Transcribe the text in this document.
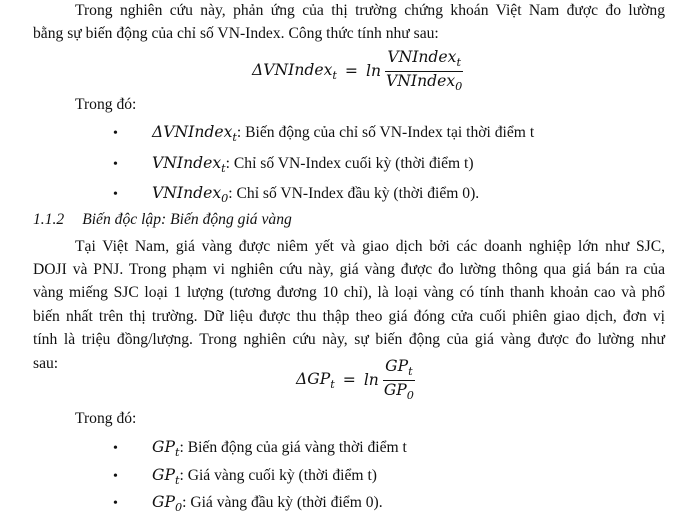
Trong nghiên cứu này, phản ứng của thị trường chứng khoán Việt Nam được đo lường
bằng sự biến động của chỉ số VN-Index. Công thức tính như sau:
ΔVNIndex$_t$ = $\ln \frac{VNIndex_t}{VNIndex_0}$
Trong đó:
• ΔVNIndex$_t$: Biến động của chỉ số VN-Index tại thời điểm t
• VNIndex$_t$: Chỉ số VN-Index cuối kỳ (thời điểm t)
• VNIndex$_0$: Chỉ số VN-Index đầu kỳ (thời điểm 0).
1.1.2 Biến độc lập: Biến động giá vàng
Tại Việt Nam, giá vàng được niêm yết và giao dịch bởi các doanh nghiệp lớn như SJC,
DOJI và PNJ. Trong phạm vi nghiên cứu này, giá vàng được đo lường thông qua giá bán ra của
vàng miếng SJC loại 1 lượng (tương đương 10 chỉ), là loại vàng có tính thanh khoản cao và phổ
biến nhất trên thị trường. Dữ liệu được thu thập theo giá đóng cửa cuối phiên giao dịch, đơn vị
tính là triệu đồng/lượng. Trong nghiên cứu này, sự biến động của giá vàng được đo lường như
sau:
$\Delta GP_t = \ln \frac{GP_t}{GP_0}$
Trong đó:
• $GP_t$: Biến động của giá vàng thời điểm t
• $GP_t$: Giá vàng cuối kỳ (thời điểm t)
• $GP_0$: Giá vàng đầu kỳ (thời điểm 0).
